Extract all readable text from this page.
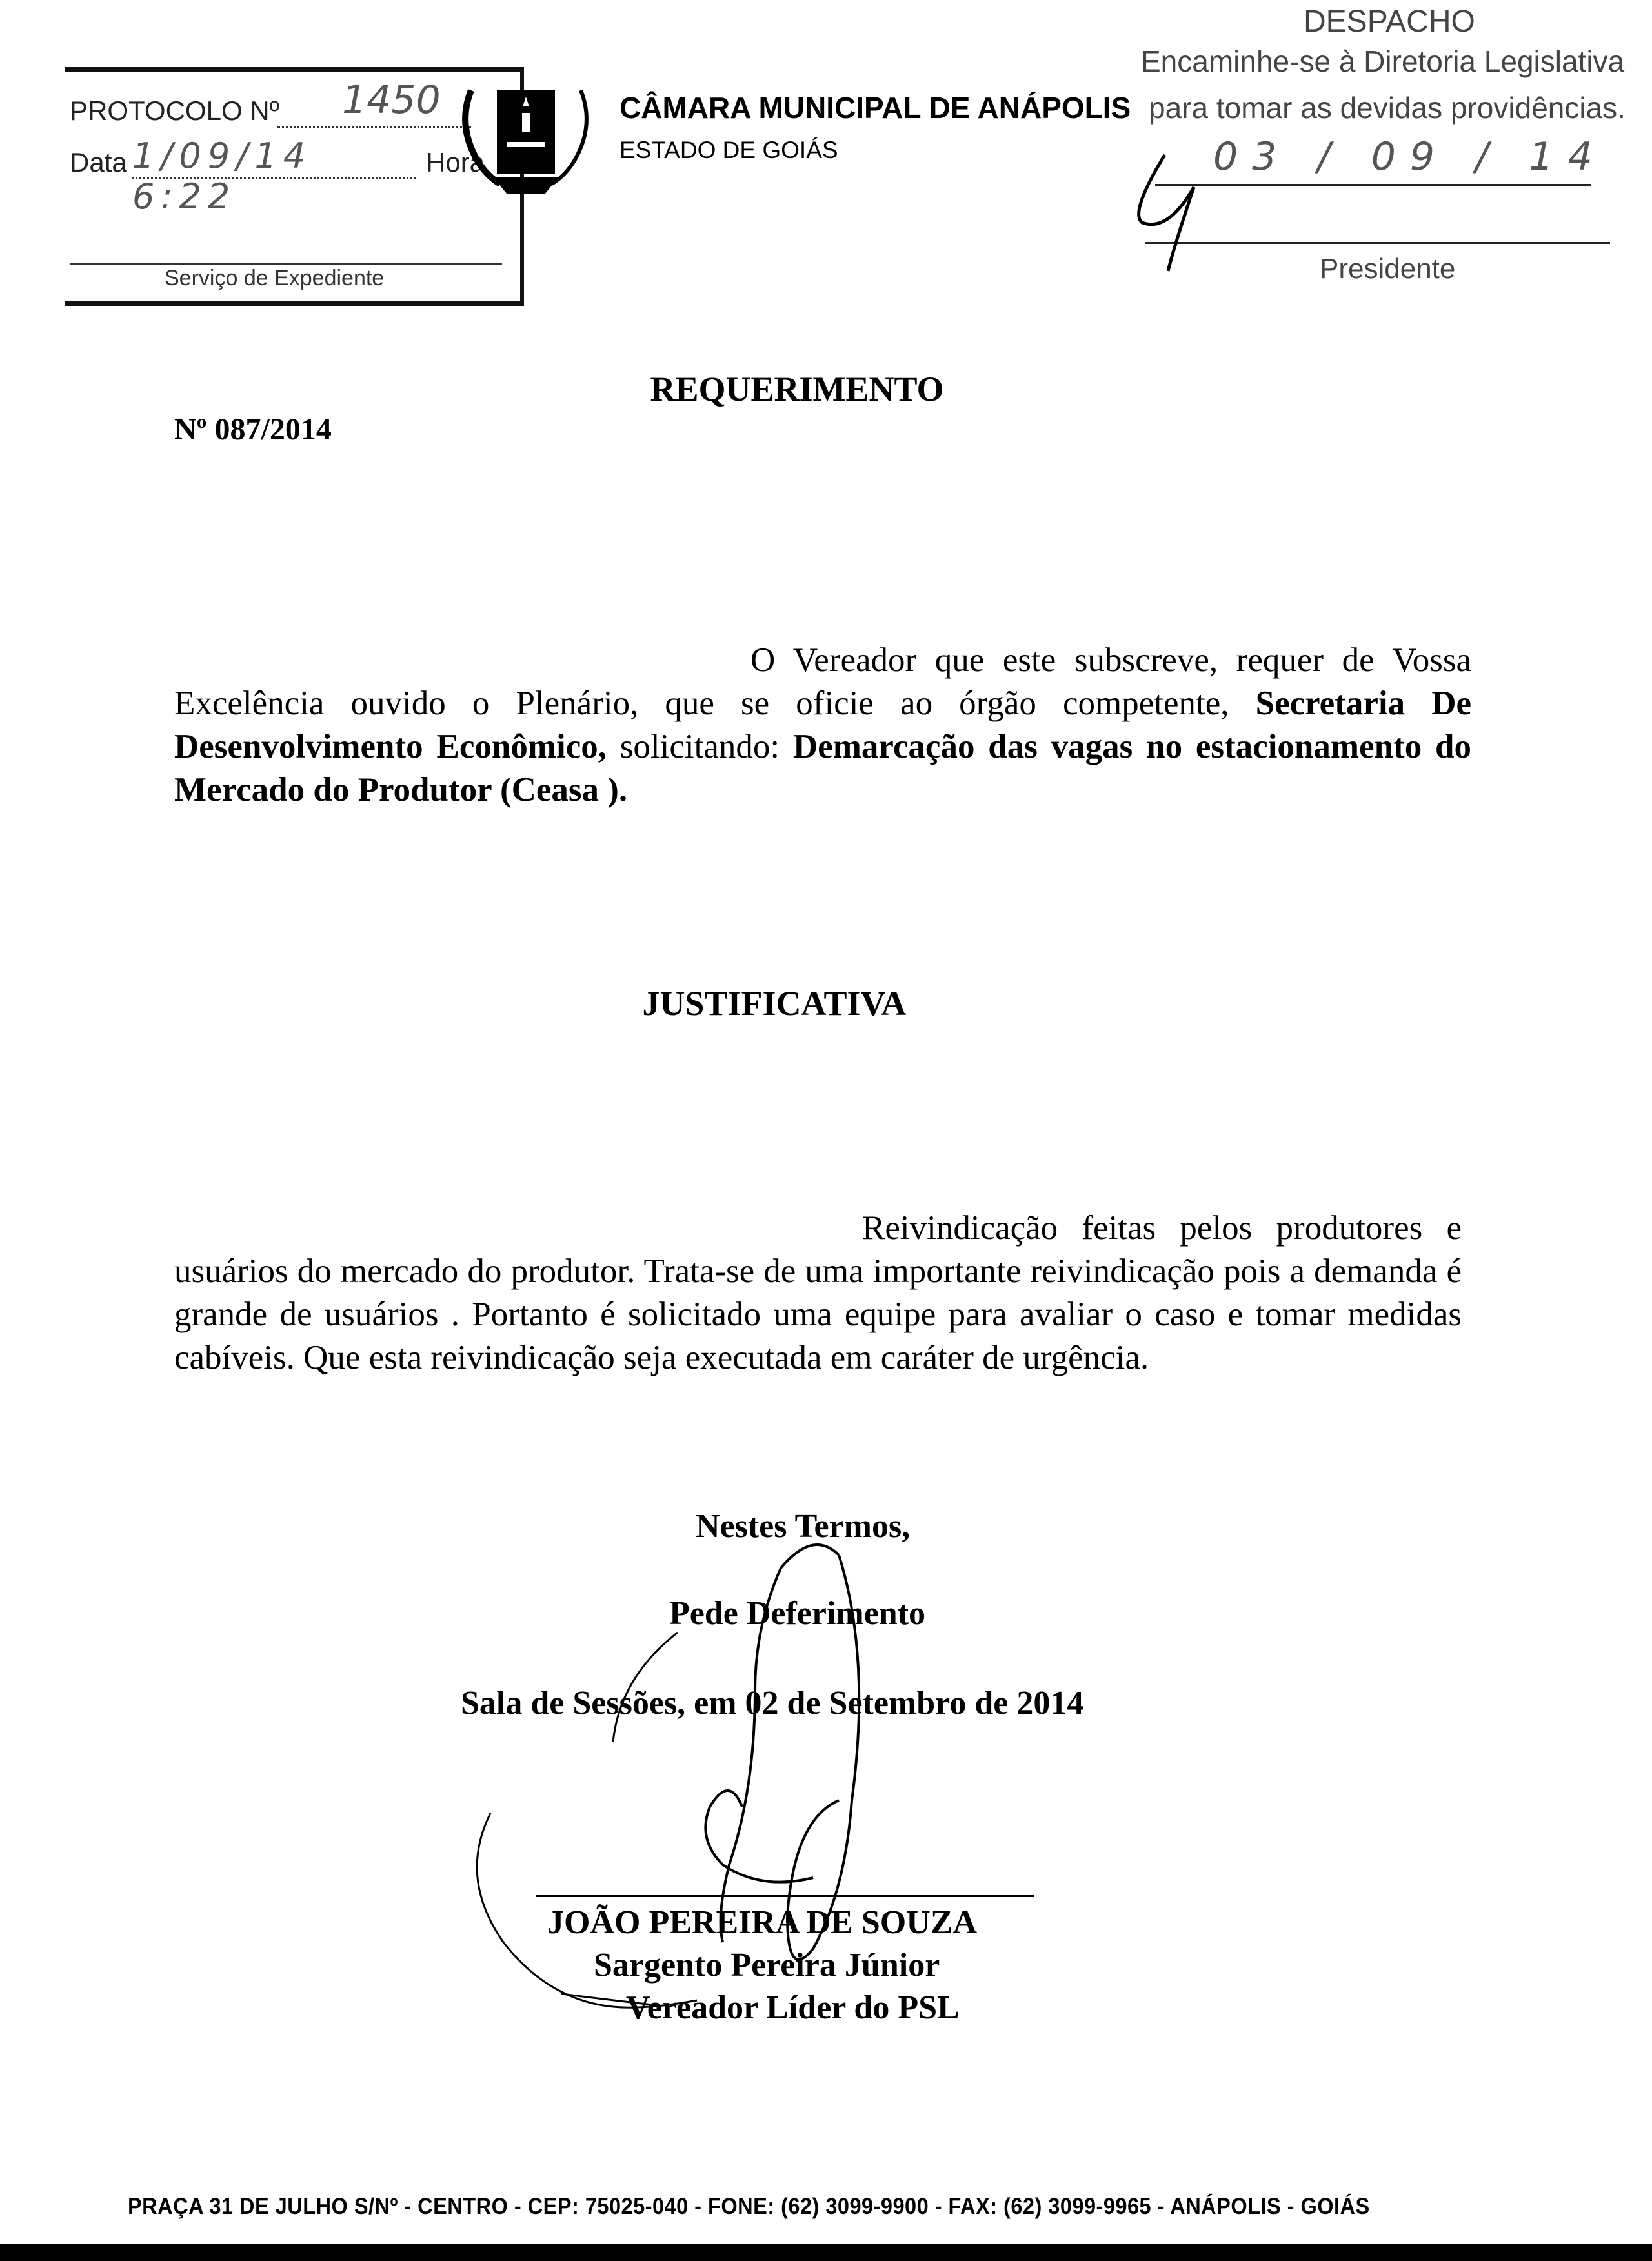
PROTOCOLO Nº 1450
Data 1/09/14 6:22
Hora
Serviço de Expediente
CÂMARA MUNICIPAL DE ANÁPOLIS
ESTADO DE GOIÁS
DESPACHO
Encaminhe-se à Diretoria Legislativa
para tomar as devidas providências.
03 / 09 / 14
Presidente
REQUERIMENTO
Nº 087/2014
O Vereador que este subscreve, requer de Vossa Excelência ouvido o Plenário, que se oficie ao órgão competente, Secretaria De Desenvolvimento Econômico, solicitando: Demarcação das vagas no estacionamento do Mercado do Produtor (Ceasa ).
JUSTIFICATIVA
Reivindicação feitas pelos produtores e usuários do mercado do produtor. Trata-se de uma importante reivindicação pois a demanda é grande de usuários . Portanto é solicitado uma equipe para avaliar o caso e tomar medidas cabíveis. Que esta reivindicação seja executada em caráter de urgência.
Nestes Termos,
Pede Deferimento
Sala de Sessões, em 02 de Setembro de 2014
JOÃO PEREIRA DE SOUZA
Sargento Pereira Júnior
Vereador Líder do PSL
PRAÇA 31 DE JULHO S/Nº - CENTRO - CEP: 75025-040 - FONE: (62) 3099-9900 - FAX: (62) 3099-9965 - ANÁPOLIS - GOIÁS
